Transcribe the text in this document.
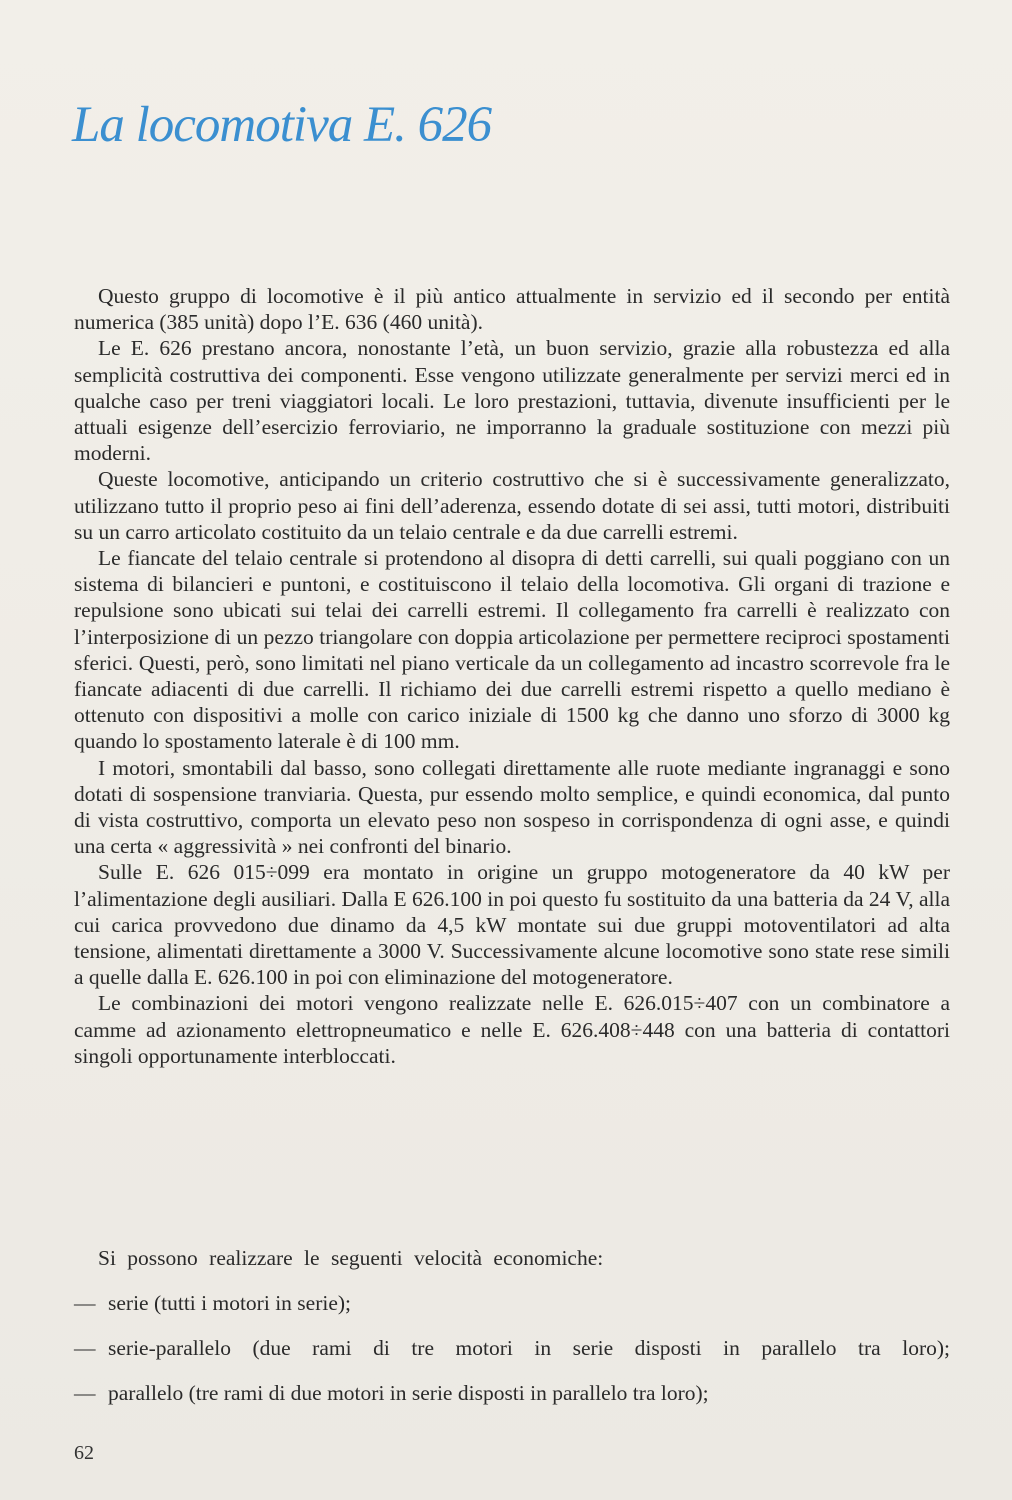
La locomotiva E. 626

Questo gruppo di locomotive è il più antico attualmente in servizio ed il secondo per entità numerica (385 unità) dopo l’E. 636 (460 unità).

Le E. 626 prestano ancora, nonostante l’età, un buon servizio, grazie alla robustezza ed alla semplicità costruttiva dei componenti. Esse vengono utilizzate generalmente per servizi merci ed in qualche caso per treni viaggiatori locali. Le loro prestazioni, tuttavia, divenute insufficienti per le attuali esigenze dell’esercizio ferroviario, ne imporranno la graduale sostituzione con mezzi più moderni.

Queste locomotive, anticipando un criterio costruttivo che si è successivamente generalizzato, utilizzano tutto il proprio peso ai fini dell’aderenza, essendo dotate di sei assi, tutti motori, distribuiti su un carro articolato costituito da un telaio centrale e da due carrelli estremi.

Le fiancate del telaio centrale si protendono al disopra di detti carrelli, sui quali poggiano con un sistema di bilancieri e puntoni, e costituiscono il telaio della locomotiva. Gli organi di trazione e repulsione sono ubicati sui telai dei carrelli estremi. Il collegamento fra carrelli è realizzato con l’interposizione di un pezzo triangolare con doppia articolazione per permettere reciproci spostamenti sferici. Questi, però, sono limitati nel piano verticale da un collegamento ad incastro scorrevole fra le fiancate adiacenti di due carrelli. Il richiamo dei due carrelli estremi rispetto a quello mediano è ottenuto con dispositivi a molle con carico iniziale di 1500 kg che danno uno sforzo di 3000 kg quando lo spostamento laterale è di 100 mm.

I motori, smontabili dal basso, sono collegati direttamente alle ruote mediante ingranaggi e sono dotati di sospensione tranviaria. Questa, pur essendo molto semplice, e quindi economica, dal punto di vista costruttivo, comporta un elevato peso non sospeso in corrispondenza di ogni asse, e quindi una certa « aggressività » nei confronti del binario.

Sulle E. 626 015÷099 era montato in origine un gruppo motogeneratore da 40 kW per l’alimentazione degli ausiliari. Dalla E 626.100 in poi questo fu sostituito da una batteria da 24 V, alla cui carica provvedono due dinamo da 4,5 kW montate sui due gruppi motoventilatori ad alta tensione, alimentati direttamente a 3000 V. Successivamente alcune locomotive sono state rese simili a quelle dalla E. 626.100 in poi con eliminazione del motogeneratore.

Le combinazioni dei motori vengono realizzate nelle E. 626.015÷407 con un combinatore a camme ad azionamento elettropneumatico e nelle E. 626.408÷448 con una batteria di contattori singoli opportunamente interbloccati.

Si possono realizzare le seguenti velocità economiche:

— serie (tutti i motori in serie);
— serie-parallelo (due rami di tre motori in serie disposti in parallelo tra loro);
— parallelo (tre rami di due motori in serie disposti in parallelo tra loro);
62
